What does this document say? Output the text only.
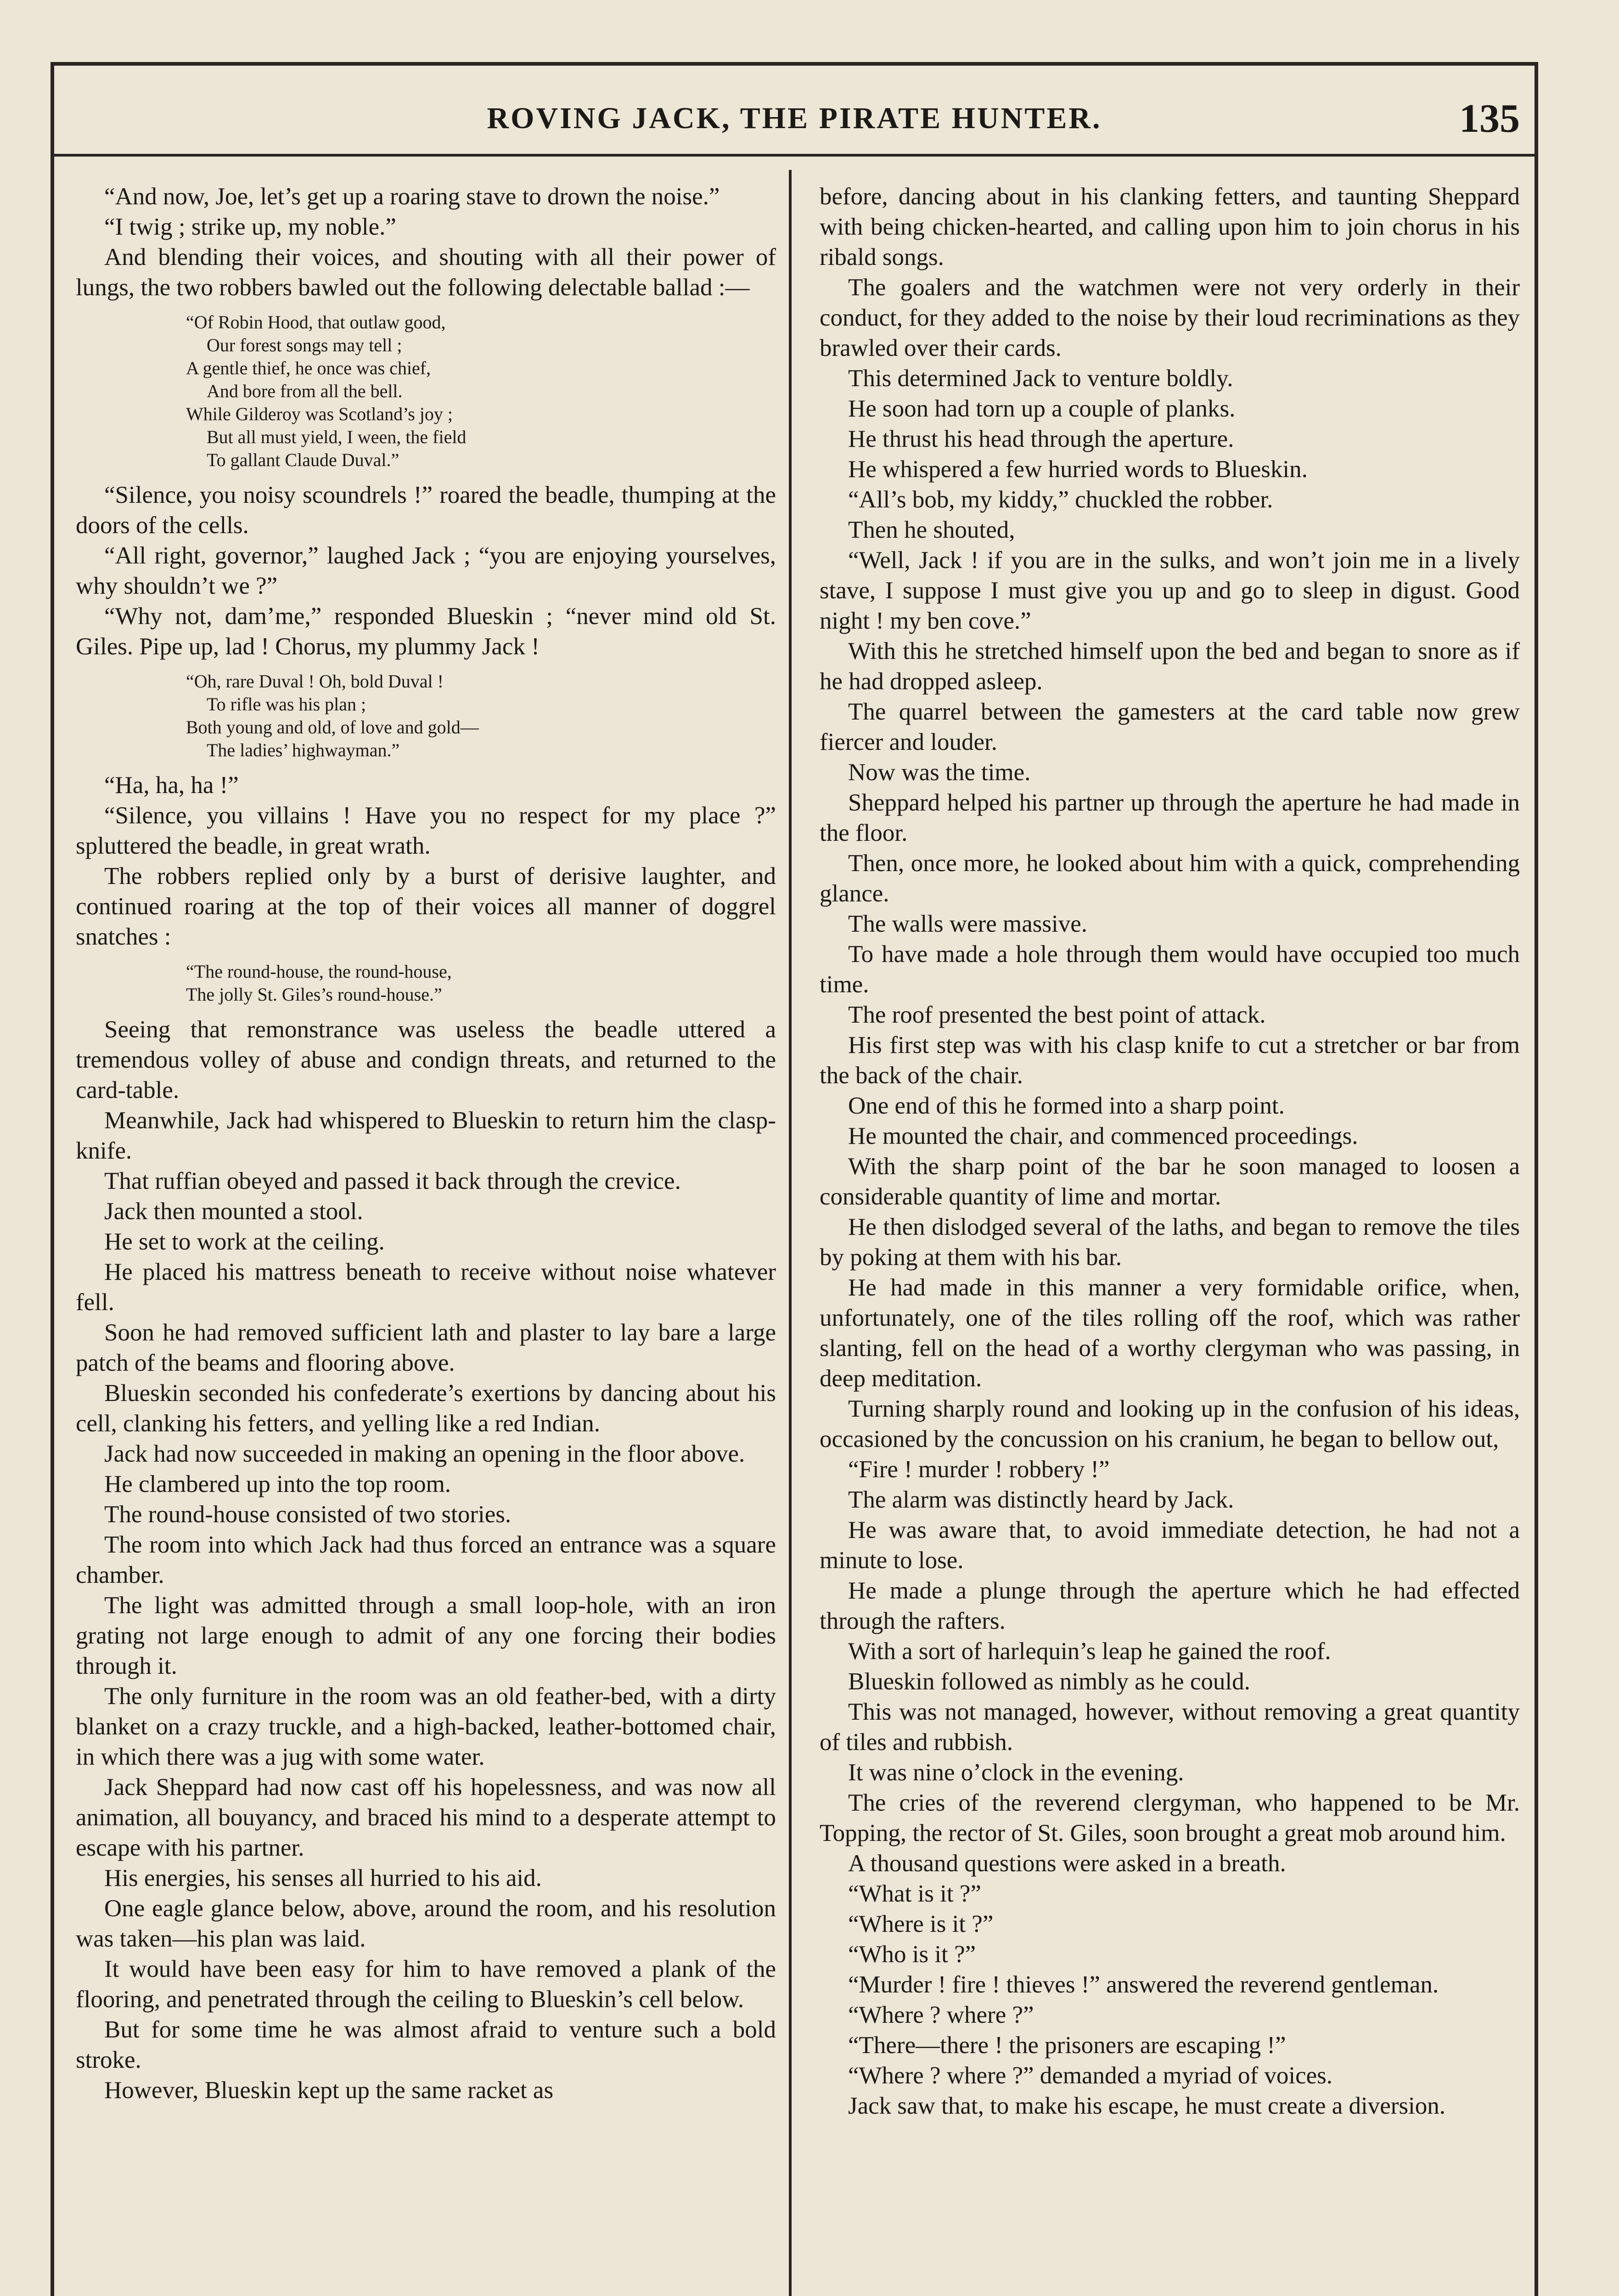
ROVING JACK, THE PIRATE HUNTER.	135

“And now, Joe, let’s get up a roaring stave to drown the noise.”

“I twig ; strike up, my noble.”

And blending their voices, and shouting with all their power of lungs, the two robbers bawled out the following delectable ballad :—

“Of Robin Hood, that outlaw good,
Our forest songs may tell ;
A gentle thief, he once was chief,
And bore from all the bell.
While Gilderoy was Scotland’s joy ;
But all must yield, I ween, the field
To gallant Claude Duval.”

“Silence, you noisy scoundrels !” roared the beadle, thumping at the doors of the cells.

“All right, governor,” laughed Jack ; “you are enjoying yourselves, why shouldn’t we ?”

“Why not, dam’me,” responded Blueskin ; “never mind old St. Giles. Pipe up, lad ! Chorus, my plummy Jack !

“Oh, rare Duval ! Oh, bold Duval !
To rifle was his plan ;
Both young and old, of love and gold—
The ladies’ highwayman.”

“Ha, ha, ha !”

“Silence, you villains ! Have you no respect for my place ?” spluttered the beadle, in great wrath.

The robbers replied only by a burst of derisive laughter, and continued roaring at the top of their voices all manner of doggrel snatches :

“The round-house, the round-house,
The jolly St. Giles’s round-house.”

Seeing that remonstrance was useless the beadle uttered a tremendous volley of abuse and condign threats, and returned to the card-table.

Meanwhile, Jack had whispered to Blueskin to return him the clasp-knife.

That ruffian obeyed and passed it back through the crevice.

Jack then mounted a stool.

He set to work at the ceiling.

He placed his mattress beneath to receive without noise whatever fell.

Soon he had removed sufficient lath and plaster to lay bare a large patch of the beams and flooring above.

Blueskin seconded his confederate’s exertions by dancing about his cell, clanking his fetters, and yelling like a red Indian.

Jack had now succeeded in making an opening in the floor above.

He clambered up into the top room.

The round-house consisted of two stories.

The room into which Jack had thus forced an entrance was a square chamber.

The light was admitted through a small loop-hole, with an iron grating not large enough to admit of any one forcing their bodies through it.

The only furniture in the room was an old feather-bed, with a dirty blanket on a crazy truckle, and a high-backed, leather-bottomed chair, in which there was a jug with some water.

Jack Sheppard had now cast off his hopelessness, and was now all animation, all bouyancy, and braced his mind to a desperate attempt to escape with his partner.

His energies, his senses all hurried to his aid.

One eagle glance below, above, around the room, and his resolution was taken—his plan was laid.

It would have been easy for him to have removed a plank of the flooring, and penetrated through the ceiling to Blueskin’s cell below.

But for some time he was almost afraid to venture such a bold stroke.

However, Blueskin kept up the same racket as

before, dancing about in his clanking fetters, and taunting Sheppard with being chicken-hearted, and calling upon him to join chorus in his ribald songs.

The goalers and the watchmen were not very orderly in their conduct, for they added to the noise by their loud recriminations as they brawled over their cards.

This determined Jack to venture boldly.

He soon had torn up a couple of planks.

He thrust his head through the aperture.

He whispered a few hurried words to Blueskin.

“All’s bob, my kiddy,” chuckled the robber.

Then he shouted,

“Well, Jack ! if you are in the sulks, and won’t join me in a lively stave, I suppose I must give you up and go to sleep in digust. Good night ! my ben cove.”

With this he stretched himself upon the bed and began to snore as if he had dropped asleep.

The quarrel between the gamesters at the card table now grew fiercer and louder.

Now was the time.

Sheppard helped his partner up through the aperture he had made in the floor.

Then, once more, he looked about him with a quick, comprehending glance.

The walls were massive.

To have made a hole through them would have occupied too much time.

The roof presented the best point of attack.

His first step was with his clasp knife to cut a stretcher or bar from the back of the chair.

One end of this he formed into a sharp point.

He mounted the chair, and commenced proceedings.

With the sharp point of the bar he soon managed to loosen a considerable quantity of lime and mortar.

He then dislodged several of the laths, and began to remove the tiles by poking at them with his bar.

He had made in this manner a very formidable orifice, when, unfortunately, one of the tiles rolling off the roof, which was rather slanting, fell on the head of a worthy clergyman who was passing, in deep meditation.

Turning sharply round and looking up in the confusion of his ideas, occasioned by the concussion on his cranium, he began to bellow out,

“Fire ! murder ! robbery !”

The alarm was distinctly heard by Jack.

He was aware that, to avoid immediate detection, he had not a minute to lose.

He made a plunge through the aperture which he had effected through the rafters.

With a sort of harlequin’s leap he gained the roof.

Blueskin followed as nimbly as he could.

This was not managed, however, without removing a great quantity of tiles and rubbish.

It was nine o’clock in the evening.

The cries of the reverend clergyman, who happened to be Mr. Topping, the rector of St. Giles, soon brought a great mob around him.

A thousand questions were asked in a breath.

“What is it ?”

“Where is it ?”

“Who is it ?”

“Murder ! fire ! thieves !” answered the reverend gentleman.

“Where ? where ?”

“There—there ! the prisoners are escaping !”

“Where ? where ?” demanded a myriad of voices.

Jack saw that, to make his escape, he must create a diversion.
